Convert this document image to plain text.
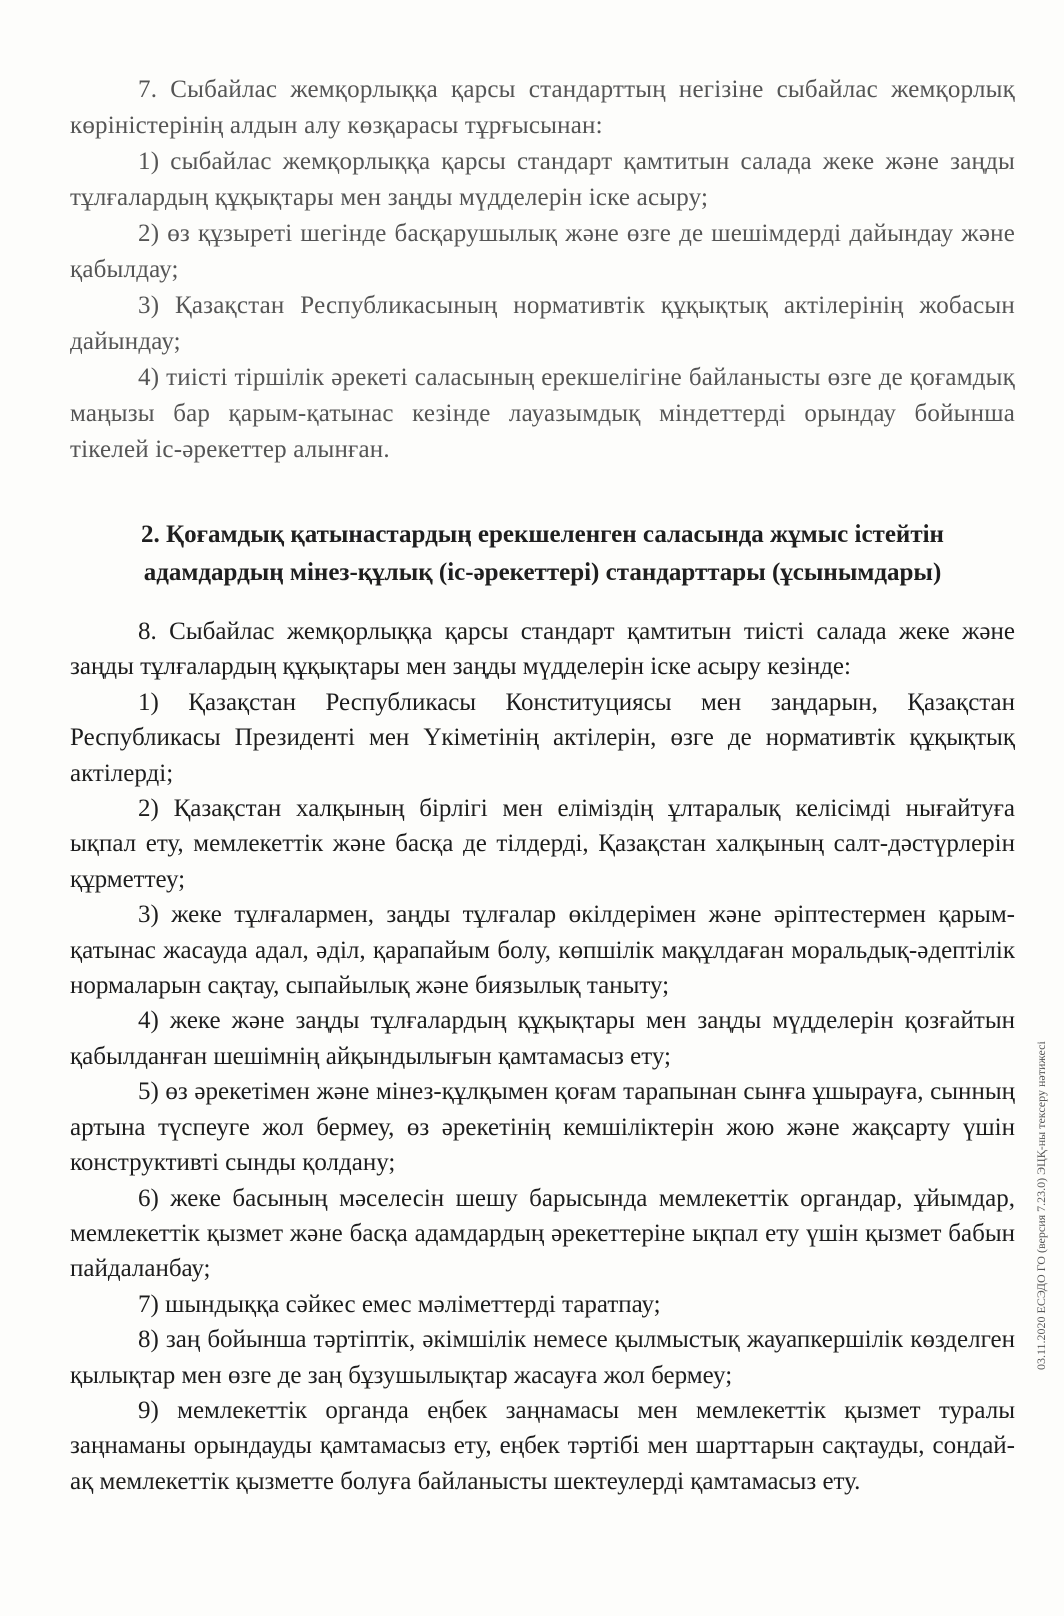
7. Сыбайлас жемқорлыққа қарсы стандарттың негізіне сыбайлас жемқорлық көріністерінің алдын алу көзқарасы тұрғысынан:

1) сыбайлас жемқорлыққа қарсы стандарт қамтитын салада жеке және заңды тұлғалардың құқықтары мен заңды мүдделерін іске асыру;

2) өз құзыреті шегінде басқарушылық және өзге де шешімдерді дайындау және қабылдау;

3) Қазақстан Республикасының нормативтік құқықтық актілерінің жобасын дайындау;

4) тиісті тіршілік әрекеті саласының ерекшелігіне байланысты өзге де қоғамдық маңызы бар қарым-қатынас кезінде лауазымдық міндеттерді орындау бойынша тікелей іс-әрекеттер алынған.

2. Қоғамдық қатынастардың ерекшеленген саласында жұмыс істейтін адамдардың мінез-құлық (іс-әрекеттері) стандарттары (ұсынымдары)

8. Сыбайлас жемқорлыққа қарсы стандарт қамтитын тиісті салада жеке және заңды тұлғалардың құқықтары мен заңды мүдделерін іске асыру кезінде:

1) Қазақстан Республикасы Конституциясы мен заңдарын, Қазақстан Республикасы Президенті мен Үкіметінің актілерін, өзге де нормативтік құқықтық актілерді;

2) Қазақстан халқының бірлігі мен еліміздің ұлтаралық келісімді нығайтуға ықпал ету, мемлекеттік және басқа де тілдерді, Қазақстан халқының салт-дәстүрлерін құрметтеу;

3) жеке тұлғалармен, заңды тұлғалар өкілдерімен және әріптестермен қарым-қатынас жасауда адал, әділ, қарапайым болу, көпшілік мақұлдаған моральдық-әдептілік нормаларын сақтау, сыпайылық және биязылық таныту;

4) жеке және заңды тұлғалардың құқықтары мен заңды мүдделерін қозғайтын қабылданған шешімнің айқындылығын қамтамасыз ету;

5) өз әрекетімен және мінез-құлқымен қоғам тарапынан сынға ұшырауға, сынның артына түспеуге жол бермеу, өз әрекетінің кемшіліктерін жою және жақсарту үшін конструктивті сынды қолдану;

6) жеке басының мәселесін шешу барысында мемлекеттік органдар, ұйымдар, мемлекеттік қызмет және басқа адамдардың әрекеттеріне ықпал ету үшін қызмет бабын пайдаланбау;

7) шындыққа сәйкес емес мәліметтерді таратпау;

8) заң бойынша тәртіптік, әкімшілік немесе қылмыстық жауапкершілік көзделген қылықтар мен өзге де заң бұзушылықтар жасауға жол бермеу;

9) мемлекеттік органда еңбек заңнамасы мен мемлекеттік қызмет туралы заңнаманы орындауды қамтамасыз ету, еңбек тәртібі мен шарттарын сақтауды, сондай-ақ мемлекеттік қызметте болуға байланысты шектеулерді қамтамасыз ету.

03.11.2020 ЕСЭДО ГО (версия 7.23.0) ЭЦҚ-ны тексеру нәтижесі
